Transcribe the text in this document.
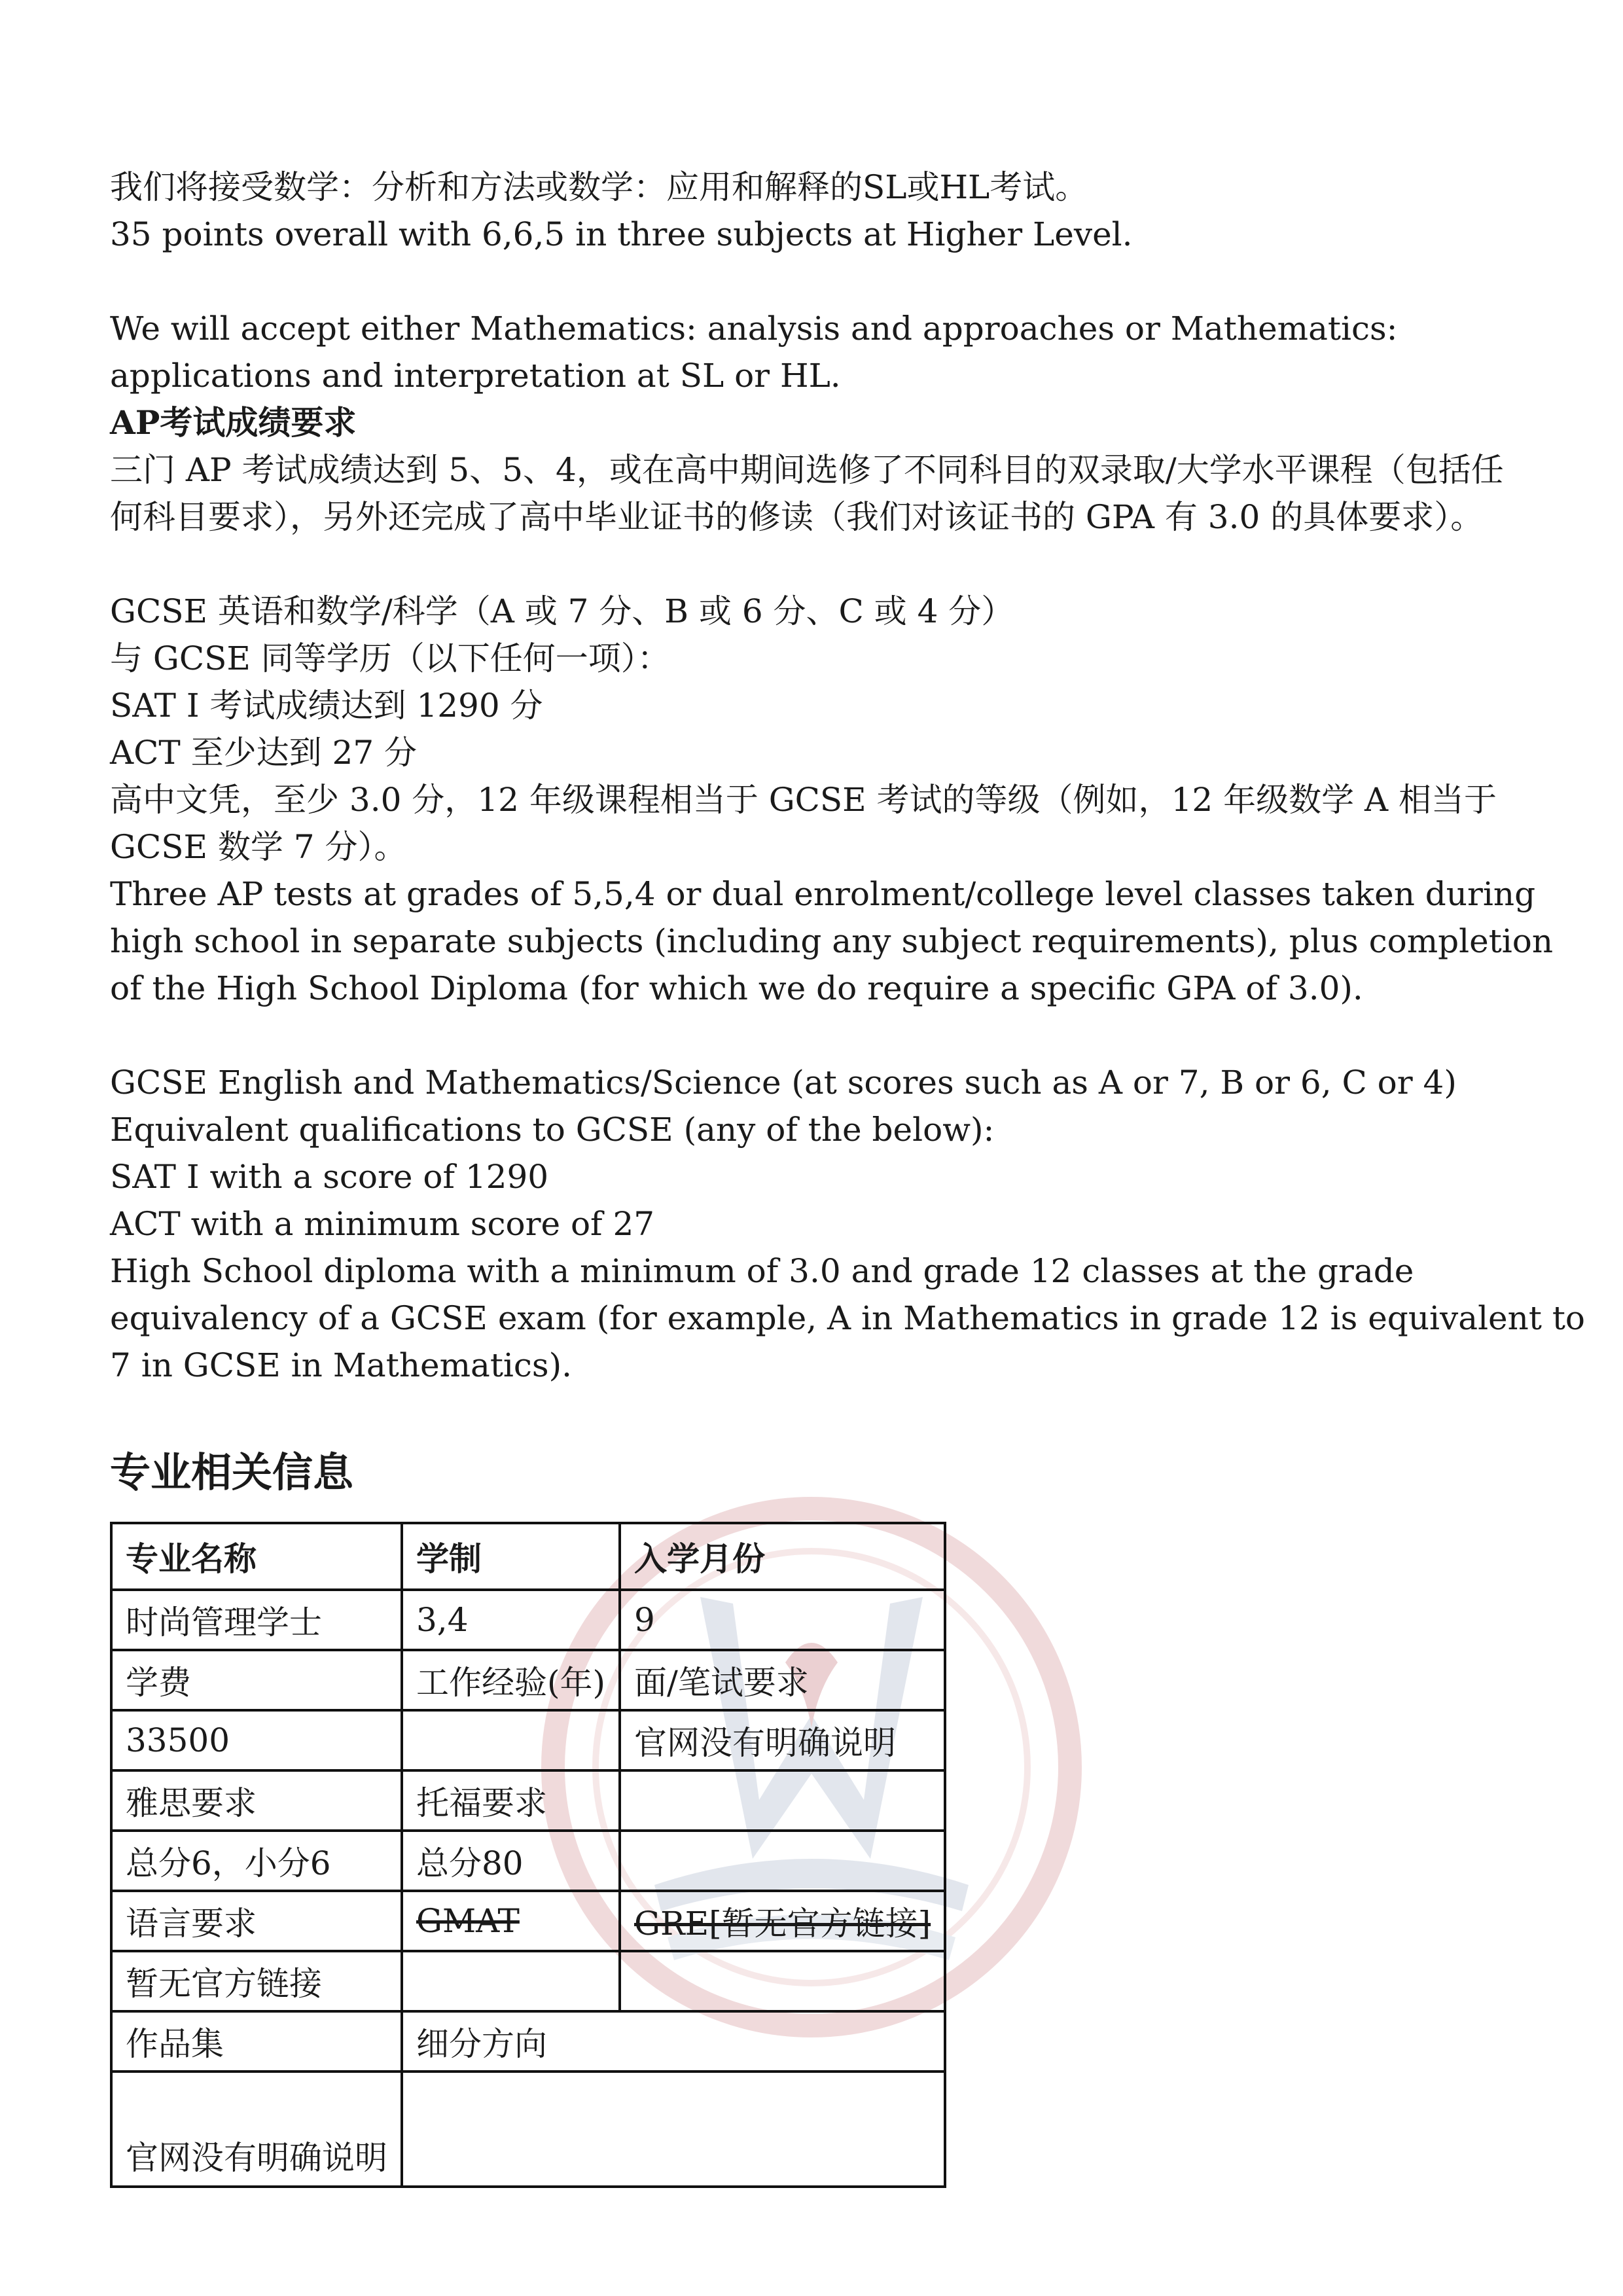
我们将接受数学：分析和方法或数学：应用和解释的SL或HL考试。
35 points overall with 6,6,5 in three subjects at Higher Level.
We will accept either Mathematics: analysis and approaches or Mathematics:
applications and interpretation at SL or HL.
AP考试成绩要求
三门 AP 考试成绩达到 5、5、4，或在高中期间选修了不同科目的双录取/大学水平课程（包括任
何科目要求），另外还完成了高中毕业证书的修读（我们对该证书的 GPA 有 3.0 的具体要求）。
GCSE 英语和数学/科学（A 或 7 分、B 或 6 分、C 或 4 分）
与 GCSE 同等学历（以下任何一项）：
SAT I 考试成绩达到 1290 分
ACT 至少达到 27 分
高中文凭，至少 3.0 分，12 年级课程相当于 GCSE 考试的等级（例如，12 年级数学 A 相当于
GCSE 数学 7 分）。
Three AP tests at grades of 5,5,4 or dual enrolment/college level classes taken during
high school in separate subjects (including any subject requirements), plus completion
of the High School Diploma (for which we do require a specific GPA of 3.0).
GCSE English and Mathematics/Science (at scores such as A or 7, B or 6, C or 4)
Equivalent qualifications to GCSE (any of the below):
SAT I with a score of 1290
ACT with a minimum score of 27
High School diploma with a minimum of 3.0 and grade 12 classes at the grade
equivalency of a GCSE exam (for example, A in Mathematics in grade 12 is equivalent to
7 in GCSE in Mathematics).
专业相关信息
专业名称	学制	入学月份
时尚管理学士	3,4	9
学费	工作经验(年)	面/笔试要求
33500		官网没有明确说明
雅思要求	托福要求	
总分6，小分6	总分80	
语言要求	GMAT	GRE[暂无官方链接]
暂无官方链接		
作品集	细分方向	
官网没有明确说明		
